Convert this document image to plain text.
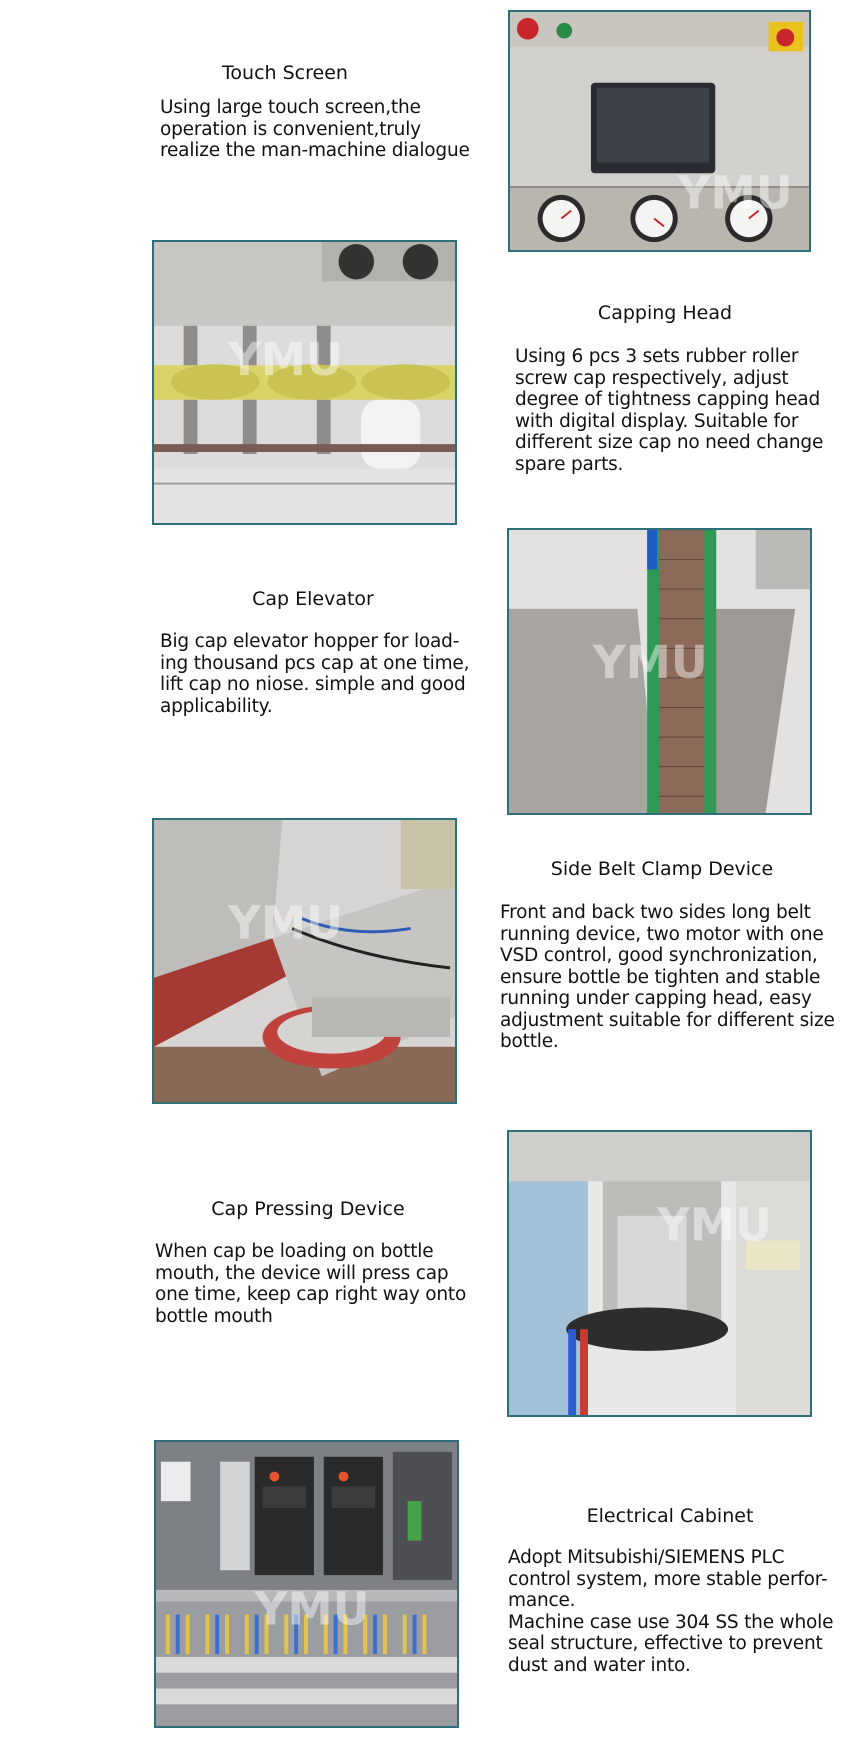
Touch Screen
Using large touch screen,the
operation is convenient,truly
realize the man-machine dialogue
YMU
YMU
Capping Head
Using 6 pcs 3 sets rubber roller
screw cap respectively, adjust
degree of tightness capping head
with digital display. Suitable for
different size cap no need change
spare parts.
Cap Elevator
Big cap elevator hopper for load-
ing thousand pcs cap at one time,
lift cap no niose. simple and good
applicability.
YMU
YMU
Side Belt Clamp Device
Front and back two sides long belt
running device, two motor with one
VSD control, good synchronization,
ensure bottle be tighten and stable
running under capping head, easy
adjustment suitable for different size
bottle.
Cap Pressing Device
When cap be loading on bottle
mouth, the device will press cap
one time, keep cap right way onto
bottle mouth
YMU
YMU
Electrical Cabinet
Adopt Mitsubishi/SIEMENS PLC
control system, more stable perfor-
mance.
Machine case use 304 SS the whole
seal structure, effective to prevent
dust and water into.
